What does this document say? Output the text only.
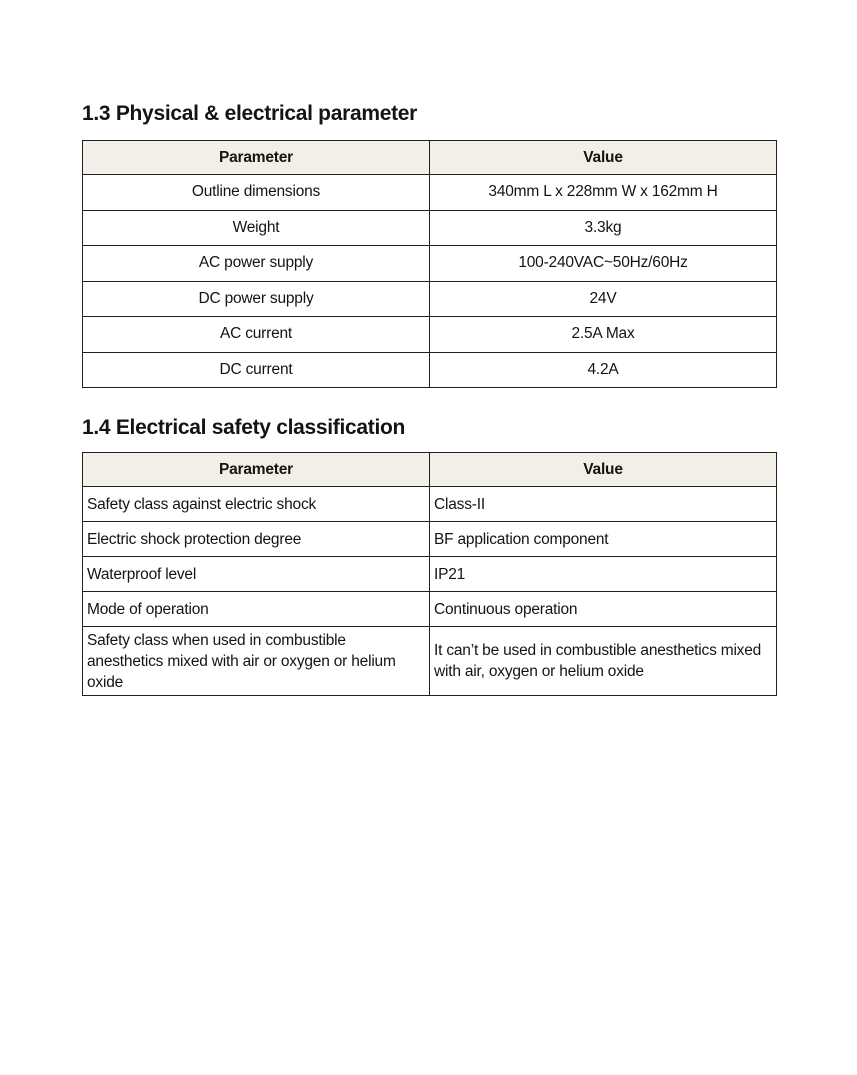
1.3 Physical & electrical parameter
Parameter	Value
Outline dimensions	340mm L x 228mm W x 162mm H
Weight	3.3kg
AC power supply	100-240VAC~50Hz/60Hz
DC power supply	24V
AC current	2.5A Max
DC current	4.2A
1.4 Electrical safety classification
Parameter	Value
Safety class against electric shock	Class-II
Electric shock protection degree	BF application component
Waterproof level	IP21
Mode of operation	Continuous operation
Safety class when used in combustible anesthetics mixed with air or oxygen or helium oxide	It can’t be used in combustible anesthetics mixed with air, oxygen or helium oxide
